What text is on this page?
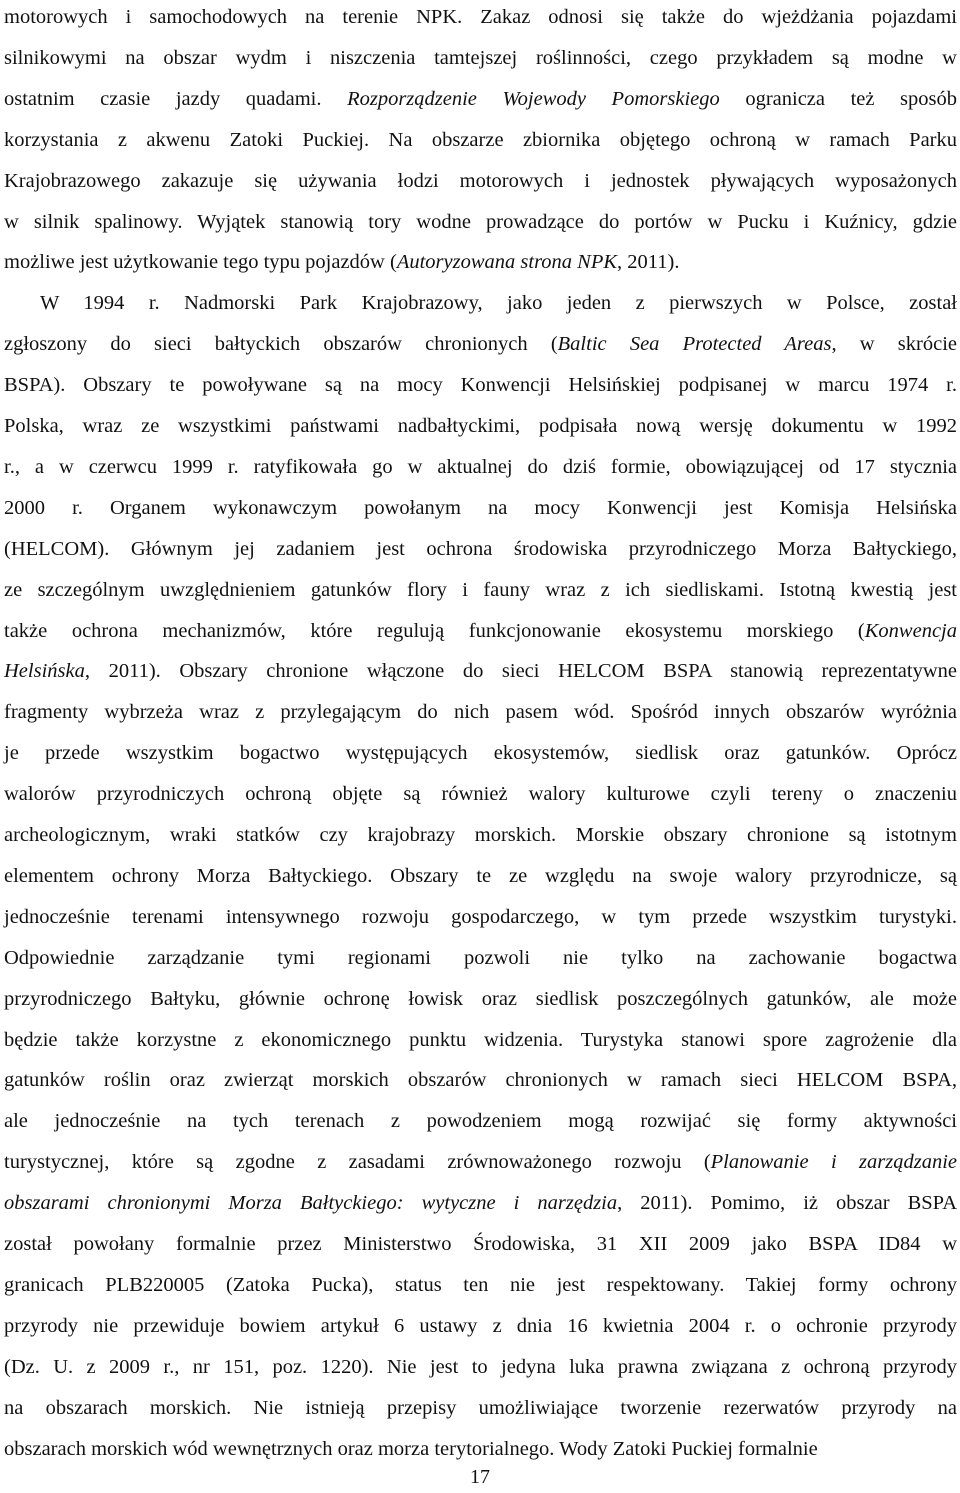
motorowych i samochodowych na terenie NPK. Zakaz odnosi się także do wjeżdżania pojazdami
silnikowymi na obszar wydm i niszczenia tamtejszej roślinności, czego przykładem są modne w
ostatnim czasie jazdy quadami. Rozporządzenie Wojewody Pomorskiego ogranicza też sposób
korzystania z akwenu Zatoki Puckiej. Na obszarze zbiornika objętego ochroną w ramach Parku
Krajobrazowego zakazuje się używania łodzi motorowych i jednostek pływających wyposażonych
w silnik spalinowy. Wyjątek stanowią tory wodne prowadzące do portów w Pucku i Kuźnicy, gdzie
możliwe jest użytkowanie tego typu pojazdów (Autoryzowana strona NPK, 2011).
W 1994 r. Nadmorski Park Krajobrazowy, jako jeden z pierwszych w Polsce, został
zgłoszony do sieci bałtyckich obszarów chronionych (Baltic Sea Protected Areas, w skrócie
BSPA). Obszary te powoływane są na mocy Konwencji Helsińskiej podpisanej w marcu 1974 r.
Polska, wraz ze wszystkimi państwami nadbałtyckimi, podpisała nową wersję dokumentu w 1992
r., a w czerwcu 1999 r. ratyfikowała go w aktualnej do dziś formie, obowiązującej od 17 stycznia
2000 r. Organem wykonawczym powołanym na mocy Konwencji jest Komisja Helsińska
(HELCOM). Głównym jej zadaniem jest ochrona środowiska przyrodniczego Morza Bałtyckiego,
ze szczególnym uwzględnieniem gatunków flory i fauny wraz z ich siedliskami. Istotną kwestią jest
także ochrona mechanizmów, które regulują funkcjonowanie ekosystemu morskiego (Konwencja
Helsińska, 2011). Obszary chronione włączone do sieci HELCOM BSPA stanowią reprezentatywne
fragmenty wybrzeża wraz z przylegającym do nich pasem wód. Spośród innych obszarów wyróżnia
je przede wszystkim bogactwo występujących ekosystemów, siedlisk oraz gatunków. Oprócz
walorów przyrodniczych ochroną objęte są również walory kulturowe czyli tereny o znaczeniu
archeologicznym, wraki statków czy krajobrazy morskich. Morskie obszary chronione są istotnym
elementem ochrony Morza Bałtyckiego. Obszary te ze względu na swoje walory przyrodnicze, są
jednocześnie terenami intensywnego rozwoju gospodarczego, w tym przede wszystkim turystyki.
Odpowiednie zarządzanie tymi regionami pozwoli nie tylko na zachowanie bogactwa
przyrodniczego Bałtyku, głównie ochronę łowisk oraz siedlisk poszczególnych gatunków, ale może
będzie także korzystne z ekonomicznego punktu widzenia. Turystyka stanowi spore zagrożenie dla
gatunków roślin oraz zwierząt morskich obszarów chronionych w ramach sieci HELCOM BSPA,
ale jednocześnie na tych terenach z powodzeniem mogą rozwijać się formy aktywności
turystycznej, które są zgodne z zasadami zrównoważonego rozwoju (Planowanie i zarządzanie
obszarami chronionymi Morza Bałtyckiego: wytyczne i narzędzia, 2011). Pomimo, iż obszar BSPA
został powołany formalnie przez Ministerstwo Środowiska, 31 XII 2009 jako BSPA ID84 w
granicach PLB220005 (Zatoka Pucka), status ten nie jest respektowany. Takiej formy ochrony
przyrody nie przewiduje bowiem artykuł 6 ustawy z dnia 16 kwietnia 2004 r. o ochronie przyrody
(Dz. U. z 2009 r., nr 151, poz. 1220). Nie jest to jedyna luka prawna związana z ochroną przyrody
na obszarach morskich. Nie istnieją przepisy umożliwiające tworzenie rezerwatów przyrody na
obszarach morskich wód wewnętrznych oraz morza terytorialnego. Wody Zatoki Puckiej formalnie
17
